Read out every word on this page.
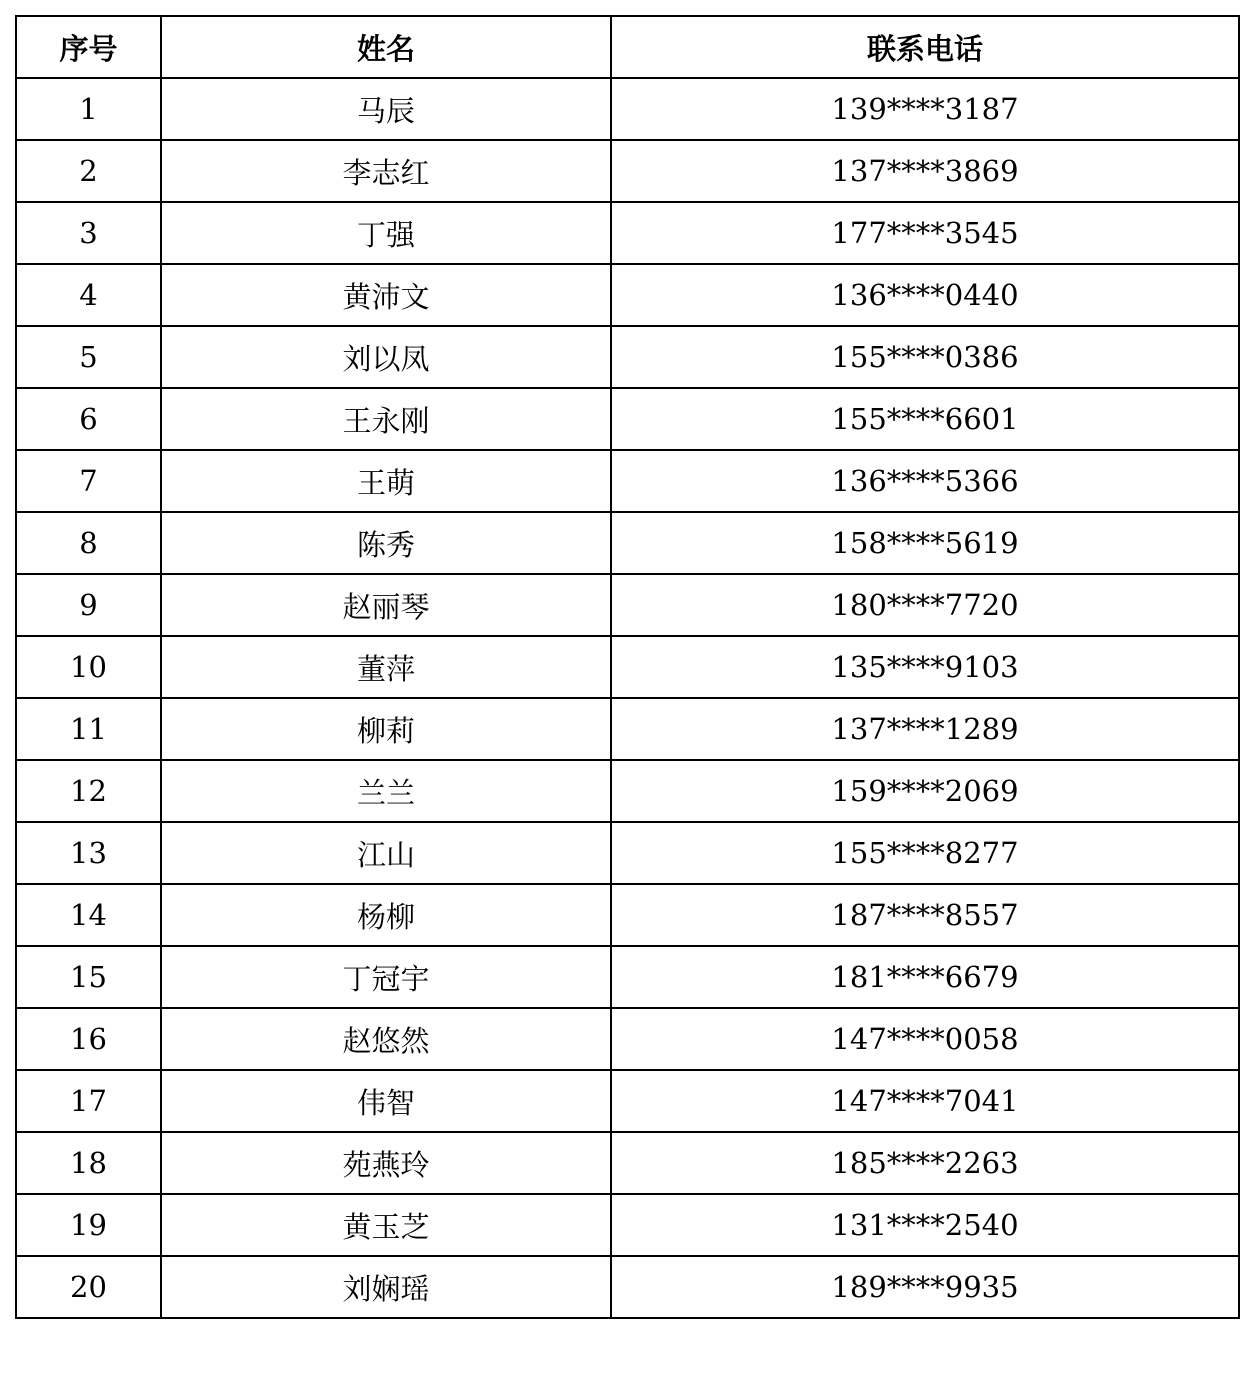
序号	姓名	联系电话
1	马辰	139****3187
2	李志红	137****3869
3	丁强	177****3545
4	黄沛文	136****0440
5	刘以凤	155****0386
6	王永刚	155****6601
7	王萌	136****5366
8	陈秀	158****5619
9	赵丽琴	180****7720
10	董萍	135****9103
11	柳莉	137****1289
12	兰兰	159****2069
13	江山	155****8277
14	杨柳	187****8557
15	丁冠宇	181****6679
16	赵悠然	147****0058
17	伟智	147****7041
18	苑燕玲	185****2263
19	黄玉芝	131****2540
20	刘娴瑶	189****9935
